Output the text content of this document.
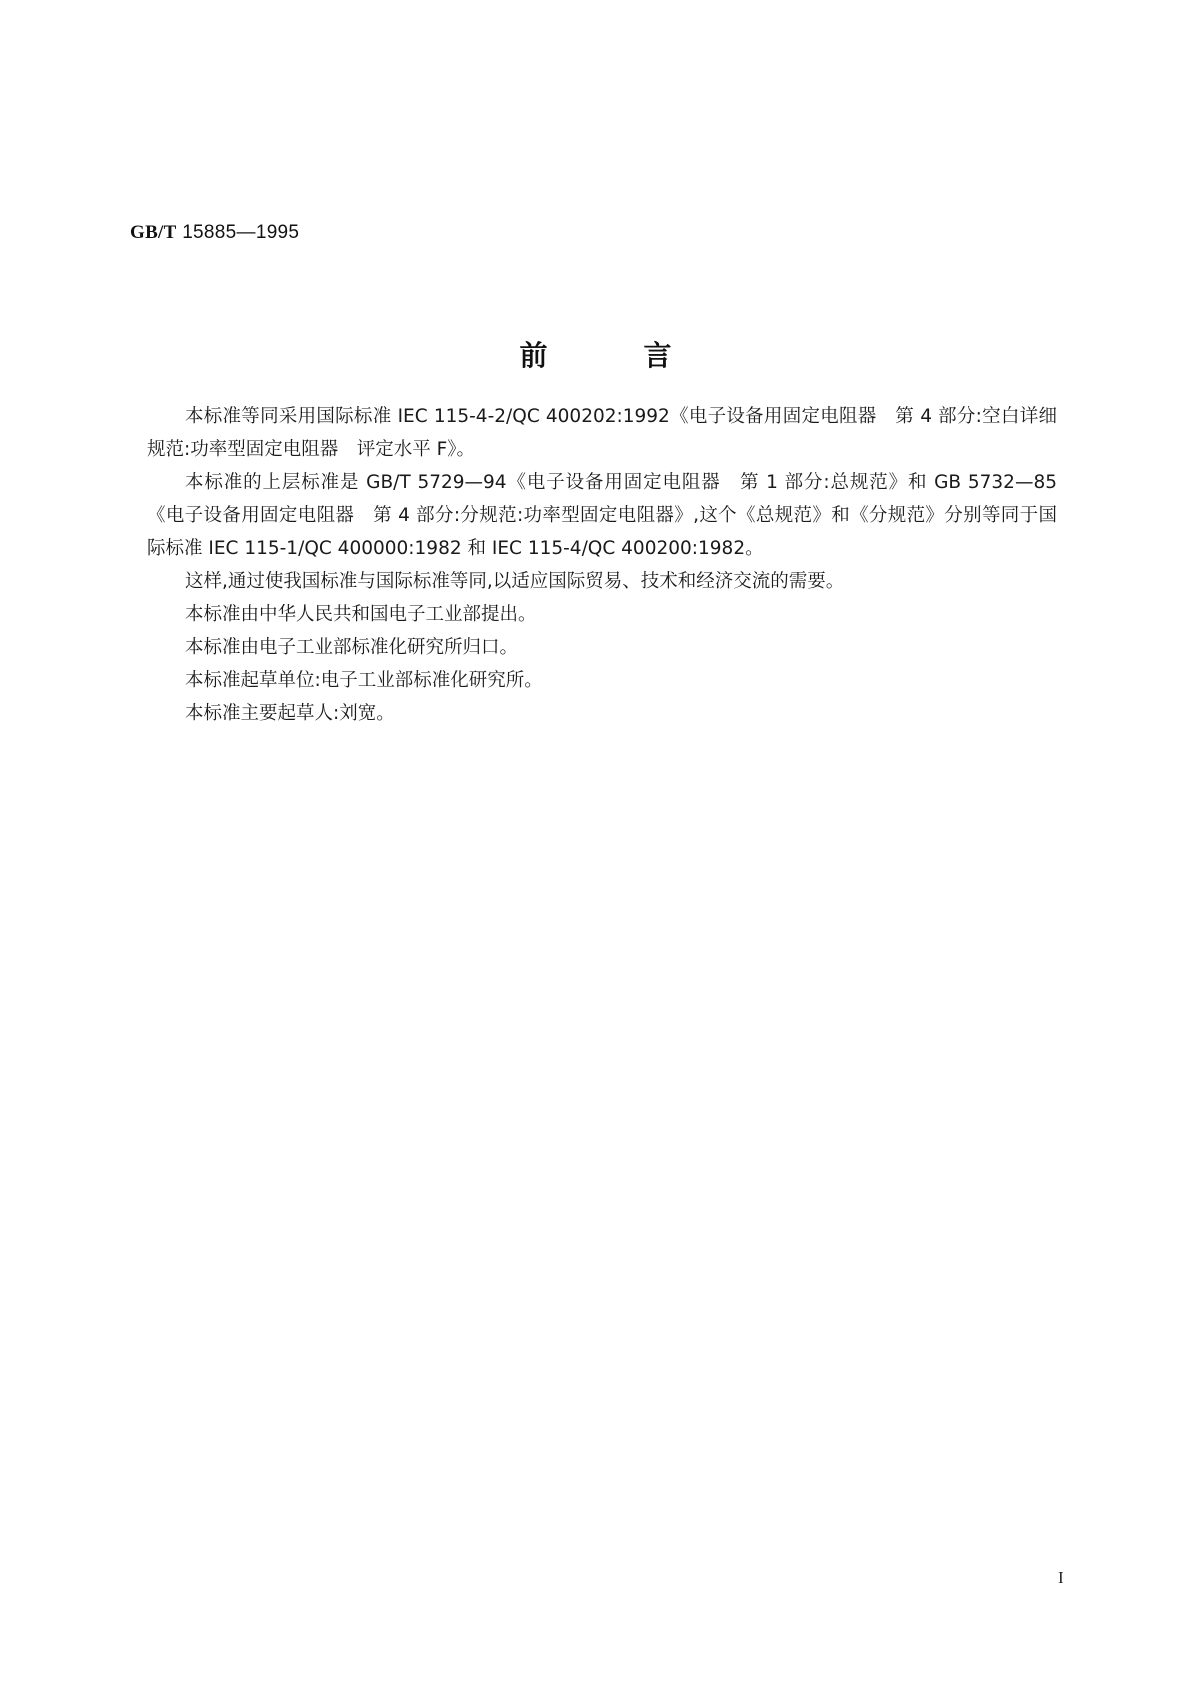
GB/T 15885—1995
前言

本标准等同采用国际标准 IEC 115-4-2/QC 400202:1992《电子设备用固定电阻器　第 4 部分:空白详细规范:功率型固定电阻器　评定水平 F》。

本标准的上层标准是 GB/T 5729—94《电子设备用固定电阻器　第 1 部分:总规范》和 GB 5732—85《电子设备用固定电阻器　第 4 部分:分规范:功率型固定电阻器》,这个《总规范》和《分规范》分别等同于国际标准 IEC 115-1/QC 400000:1982 和 IEC 115-4/QC 400200:1982。

这样,通过使我国标准与国际标准等同,以适应国际贸易、技术和经济交流的需要。

本标准由中华人民共和国电子工业部提出。

本标准由电子工业部标准化研究所归口。

本标准起草单位:电子工业部标准化研究所。

本标准主要起草人:刘宽。

I
